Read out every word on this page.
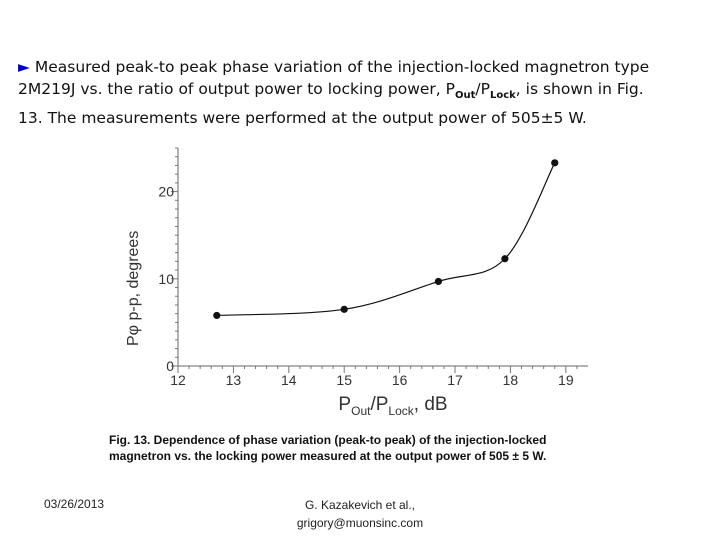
► Measured peak-to peak phase variation of the injection-locked magnetron type
2M219J vs. the ratio of output power to locking power, $P_{Out}/P_{Lock}$, is shown in Fig.
13. The measurements were performed at the output power of 505±5 W.
0
20
12	13	14	15	16	17	18	19
Pφ p-p, degrees 10
$P_{Out}/P_{Lock}$, dB
Fig. 13. Dependence of phase variation (peak-to peak) of the injection-locked magnetron vs. the locking power measured at the output power of 505 ± 5 W.
03/26/2013	G. Kazakevich et al.,
grigory@muonsinc.com
